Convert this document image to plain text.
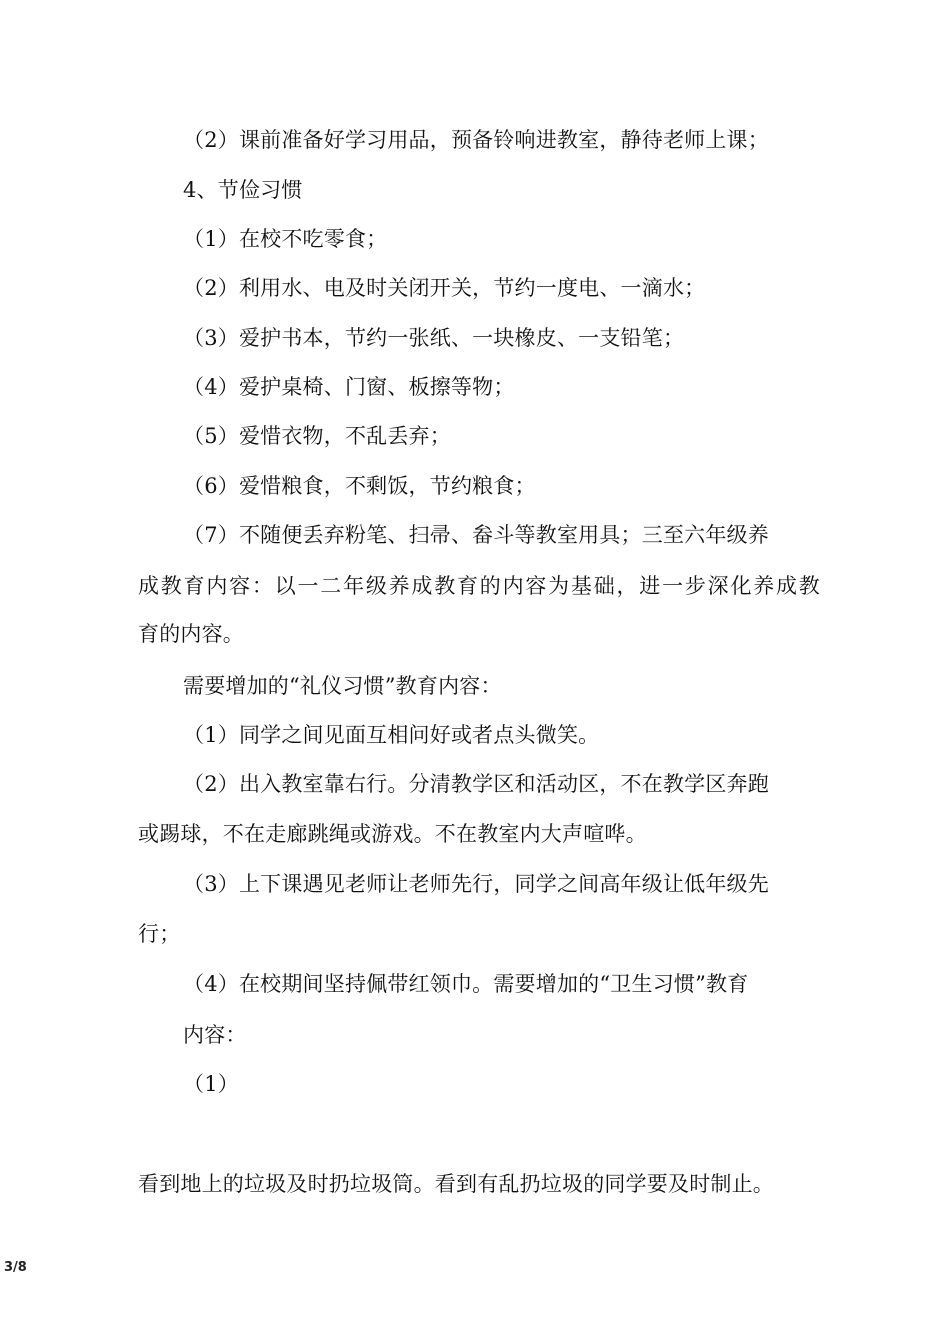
（2）课前准备好学习用品，预备铃响进教室，静待老师上课；
4、节俭习惯
（1）在校不吃零食；
（2）利用水、电及时关闭开关，节约一度电、一滴水；
（3）爱护书本，节约一张纸、一块橡皮、一支铅笔；
（4）爱护桌椅、门窗、板擦等物；
（5）爱惜衣物，不乱丢弃；
（6）爱惜粮食，不剩饭，节约粮食；
（7）不随便丢弃粉笔、扫帚、畚斗等教室用具；三至六年级养
成教育内容：以一二年级养成教育的内容为基础，进一步深化养成教
育的内容。
需要增加的“礼仪习惯”教育内容：
（1）同学之间见面互相问好或者点头微笑。
（2）出入教室靠右行。分清教学区和活动区，不在教学区奔跑
或踢球，不在走廊跳绳或游戏。不在教室内大声喧哗。
（3）上下课遇见老师让老师先行，同学之间高年级让低年级先
行；
（4）在校期间坚持佩带红领巾。需要增加的“卫生习惯”教育
内容：
（1）
看到地上的垃圾及时扔垃圾筒。看到有乱扔垃圾的同学要及时制止。
3/8
